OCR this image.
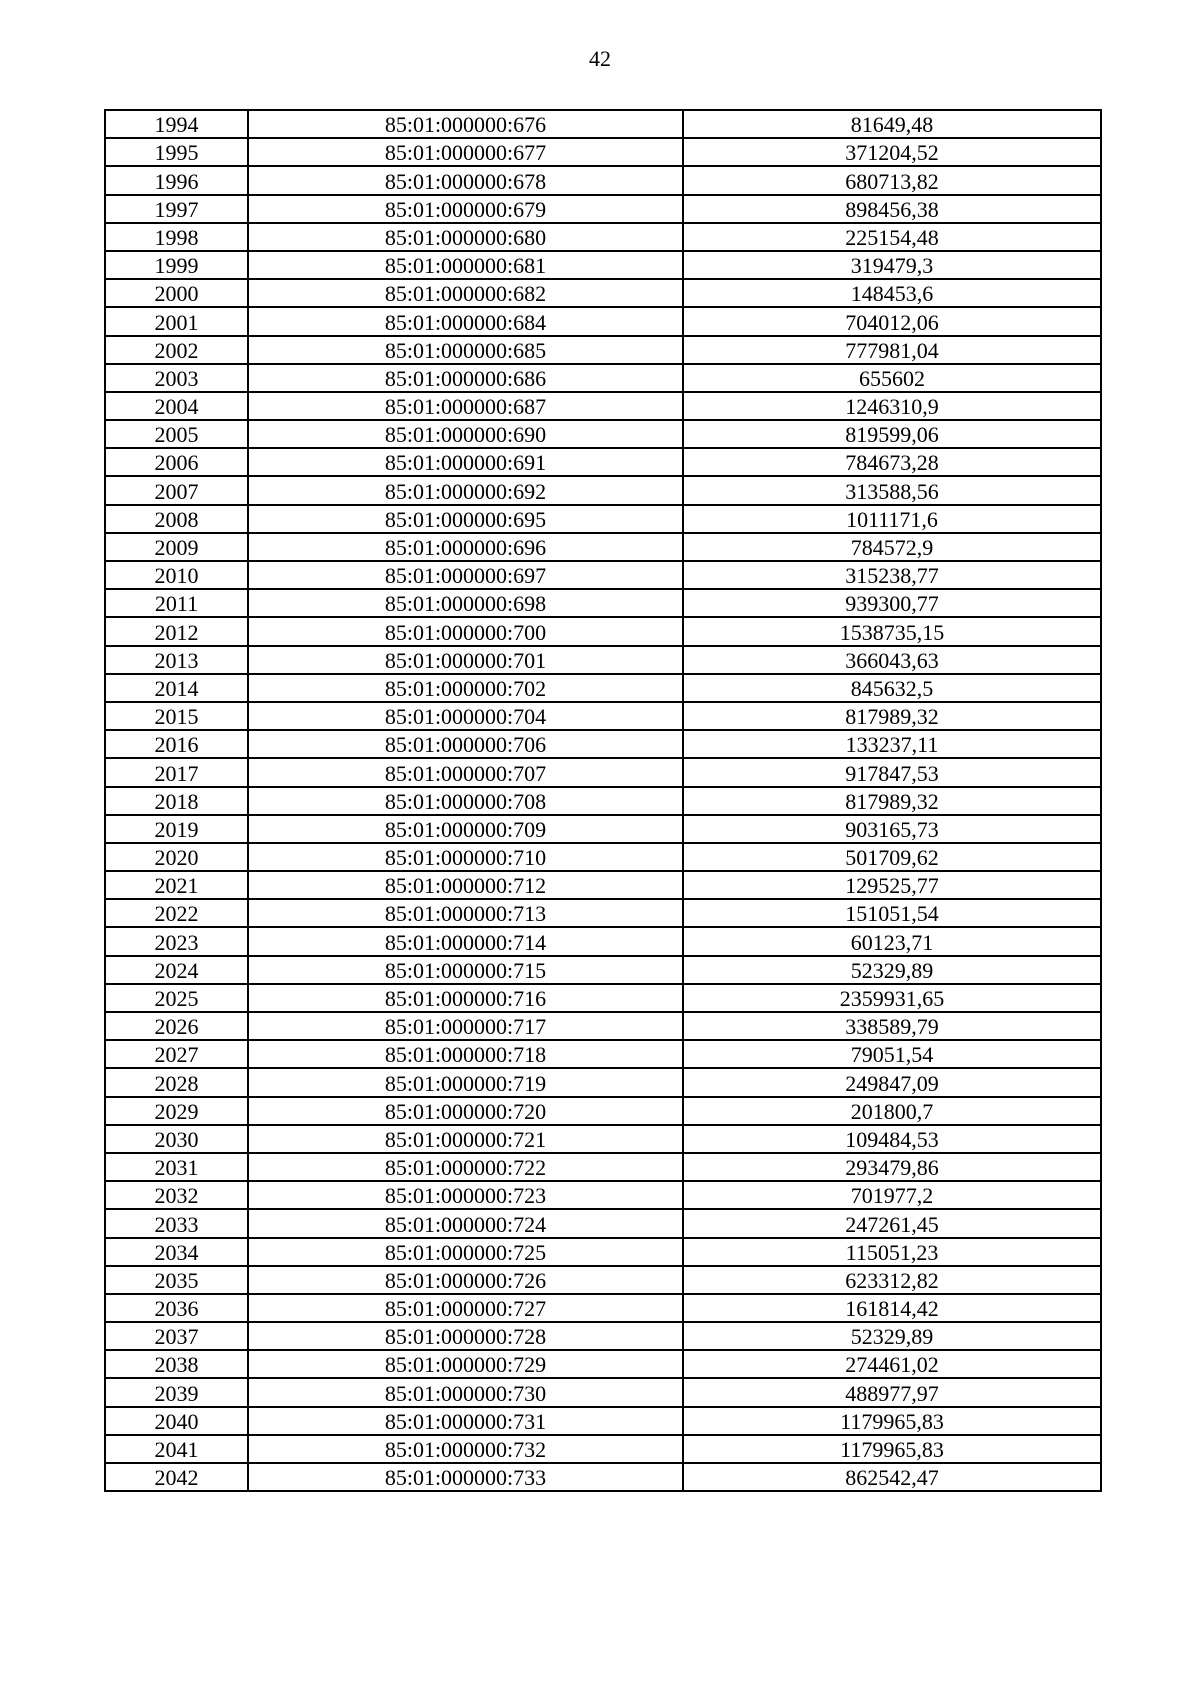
42
1994	85:01:000000:676	81649,48
1995	85:01:000000:677	371204,52
1996	85:01:000000:678	680713,82
1997	85:01:000000:679	898456,38
1998	85:01:000000:680	225154,48
1999	85:01:000000:681	319479,3
2000	85:01:000000:682	148453,6
2001	85:01:000000:684	704012,06
2002	85:01:000000:685	777981,04
2003	85:01:000000:686	655602
2004	85:01:000000:687	1246310,9
2005	85:01:000000:690	819599,06
2006	85:01:000000:691	784673,28
2007	85:01:000000:692	313588,56
2008	85:01:000000:695	1011171,6
2009	85:01:000000:696	784572,9
2010	85:01:000000:697	315238,77
2011	85:01:000000:698	939300,77
2012	85:01:000000:700	1538735,15
2013	85:01:000000:701	366043,63
2014	85:01:000000:702	845632,5
2015	85:01:000000:704	817989,32
2016	85:01:000000:706	133237,11
2017	85:01:000000:707	917847,53
2018	85:01:000000:708	817989,32
2019	85:01:000000:709	903165,73
2020	85:01:000000:710	501709,62
2021	85:01:000000:712	129525,77
2022	85:01:000000:713	151051,54
2023	85:01:000000:714	60123,71
2024	85:01:000000:715	52329,89
2025	85:01:000000:716	2359931,65
2026	85:01:000000:717	338589,79
2027	85:01:000000:718	79051,54
2028	85:01:000000:719	249847,09
2029	85:01:000000:720	201800,7
2030	85:01:000000:721	109484,53
2031	85:01:000000:722	293479,86
2032	85:01:000000:723	701977,2
2033	85:01:000000:724	247261,45
2034	85:01:000000:725	115051,23
2035	85:01:000000:726	623312,82
2036	85:01:000000:727	161814,42
2037	85:01:000000:728	52329,89
2038	85:01:000000:729	274461,02
2039	85:01:000000:730	488977,97
2040	85:01:000000:731	1179965,83
2041	85:01:000000:732	1179965,83
2042	85:01:000000:733	862542,47
